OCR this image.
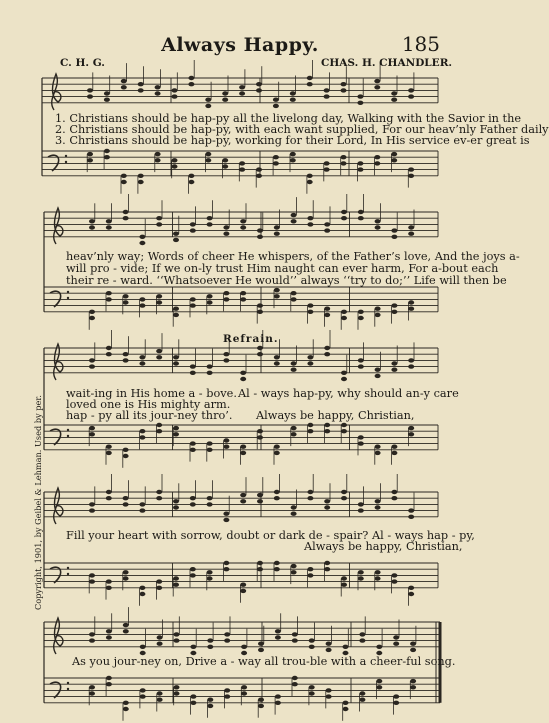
Always Happy.	185
C. H. G.	CHAS. H. CHANDLER.
1. Christians should be hap-py all the livelong day, Walking with the Savior in the
2. Christians should be hap-py, with each want supplied, For our heav’nly Father daily
3. Christians should be hap-py, working for their Lord, In His service ev-er great is
heav’nly way; Words of cheer He whispers, of the Father’s love, And the joys a-
will pro - vide; If we on-ly trust Him naught can ever harm, For a-bout each
their re - ward. ‘‘Whatsoever He would’’ always ‘‘try to do;’’ Life will then be
Refrain.
wait-ing in His home a - bove.
loved one is His mighty arm.
hap - py all its jour-ney thro’.
Al - ways hap-py, why should an-y care
Always be happy, Christian,
Fill your heart with sorrow, doubt or dark de - spair? Al - ways hap - py,
Always be happy, Christian,
As you jour-ney on, Drive a - way all trou-ble with a cheer-ful song.
Copyright, 1901, by Geibel & Lehman. Used by per.
